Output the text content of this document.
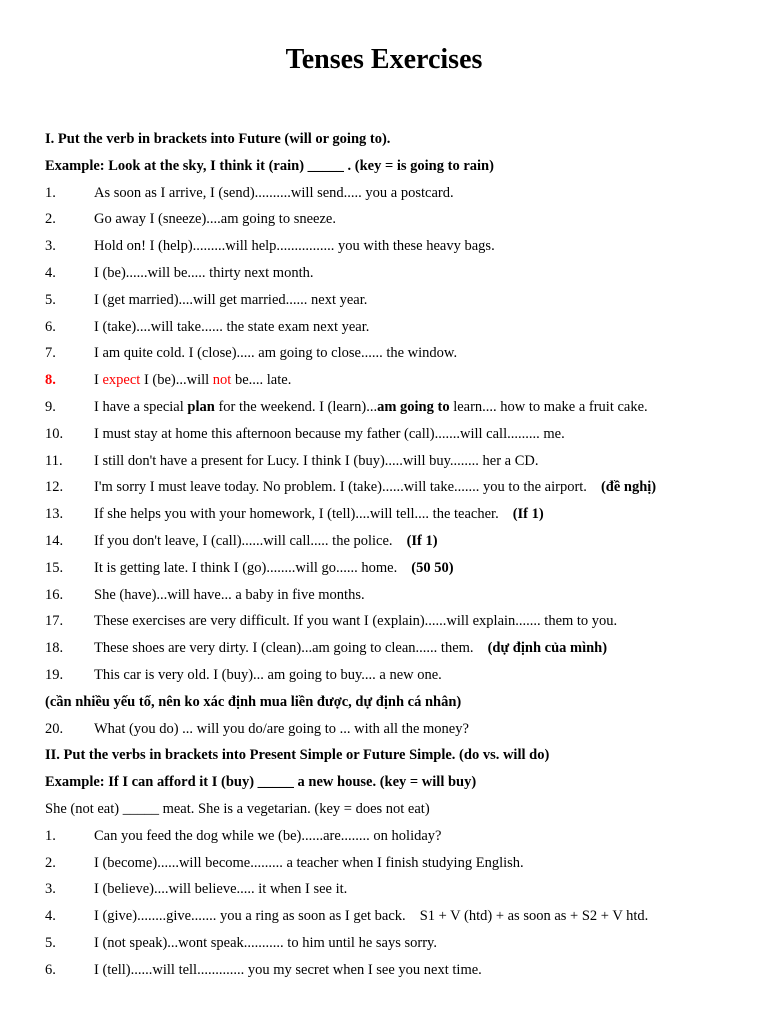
Tenses Exercises
I. Put the verb in brackets into Future (will or going to).
Example: Look at the sky, I think it (rain) _____ . (key = is going to rain)
1.	As soon as I arrive, I (send)..........will send..... you a postcard.
2.	Go away I (sneeze)....am going to sneeze.
3.	Hold on! I (help).........will help................ you with these heavy bags.
4.	I (be)......will be..... thirty next month.
5.	I (get married)....will get married...... next year.
6.	I (take)....will take...... the state exam next year.
7.	I am quite cold. I (close)..... am going to close...... the window.
8.	I expect I (be)...will not be.... late.
9.	I have a special plan for the weekend. I (learn)...am going to learn.... how to make a fruit cake.
10. I must stay at home this afternoon because my father (call).......will call......... me.
11. I still don't have a present for Lucy. I think I (buy).....will buy........ her a CD.
12. I'm sorry I must leave today. No problem. I (take)......will take....... you to the airport. (đề nghị)
13. If she helps you with your homework, I (tell)....will tell.... the teacher. (If 1)
14. If you don't leave, I (call)......will call..... the police. (If 1)
15. It is getting late. I think I (go)........will go...... home. (50 50)
16. She (have)...will have... a baby in five months.
17. These exercises are very difficult. If you want I (explain)......will explain....... them to you.
18. These shoes are very dirty. I (clean)...am going to clean...... them. (dự định của mình)
19. This car is very old. I (buy)... am going to buy.... a new one.
(cần nhiều yếu tố, nên ko xác định mua liền được, dự định cá nhân)
20. What (you do) ... will you do/are going to ... with all the money?
II. Put the verbs in brackets into Present Simple or Future Simple. (do vs. will do)
Example: If I can afford it I (buy) _____ a new house. (key = will buy)
She (not eat) _____ meat. She is a vegetarian. (key = does not eat)
1.	Can you feed the dog while we (be)......are........ on holiday?
2.	I (become)......will become......... a teacher when I finish studying English.
3.	I (believe)....will believe..... it when I see it.
4.	I (give)........give....... you a ring as soon as I get back. S1 + V (htd) + as soon as + S2 + V htd.
5.	I (not speak)...wont speak........... to him until he says sorry.
6.	I (tell)......will tell............. you my secret when I see you next time.
